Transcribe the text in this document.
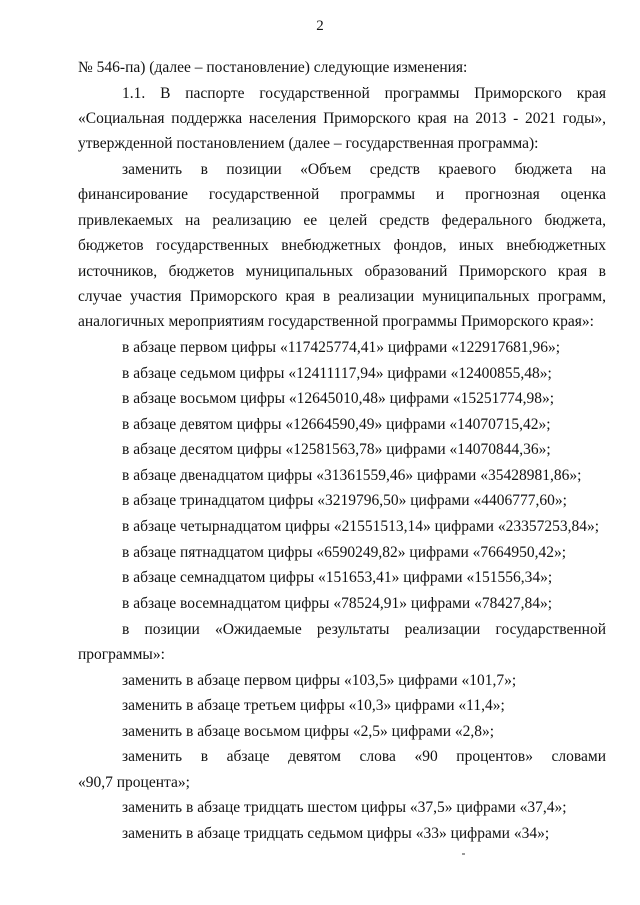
2
№ 546-па) (далее – постановление) следующие изменения:
1.1. В паспорте государственной программы Приморского края
«Социальная поддержка населения Приморского края на 2013 - 2021 годы»,
утвержденной постановлением (далее – государственная программа):
заменить в позиции «Объем средств краевого бюджета на
финансирование государственной программы и прогнозная оценка
привлекаемых на реализацию ее целей средств федерального бюджета,
бюджетов государственных внебюджетных фондов, иных внебюджетных
источников, бюджетов муниципальных образований Приморского края в
случае участия Приморского края в реализации муниципальных программ,
аналогичных мероприятиям государственной программы Приморского края»:
в абзаце первом цифры «117425774,41» цифрами «122917681,96»;
в абзаце седьмом цифры «12411117,94» цифрами «12400855,48»;
в абзаце восьмом цифры «12645010,48» цифрами «15251774,98»;
в абзаце девятом цифры «12664590,49» цифрами «14070715,42»;
в абзаце десятом цифры «12581563,78» цифрами «14070844,36»;
в абзаце двенадцатом цифры «31361559,46» цифрами «35428981,86»;
в абзаце тринадцатом цифры «3219796,50» цифрами «4406777,60»;
в абзаце четырнадцатом цифры «21551513,14» цифрами «23357253,84»;
в абзаце пятнадцатом цифры «6590249,82» цифрами «7664950,42»;
в абзаце семнадцатом цифры «151653,41» цифрами «151556,34»;
в абзаце восемнадцатом цифры «78524,91» цифрами «78427,84»;
в позиции «Ожидаемые результаты реализации государственной
программы»:
заменить в абзаце первом цифры «103,5» цифрами «101,7»;
заменить в абзаце третьем цифры «10,3» цифрами «11,4»;
заменить в абзаце восьмом цифры «2,5» цифрами «2,8»;
заменить в абзаце девятом слова «90 процентов» словами
«90,7 процента»;
заменить в абзаце тридцать шестом цифры «37,5» цифрами «37,4»;
заменить в абзаце тридцать седьмом цифры «33» цифрами «34»;
